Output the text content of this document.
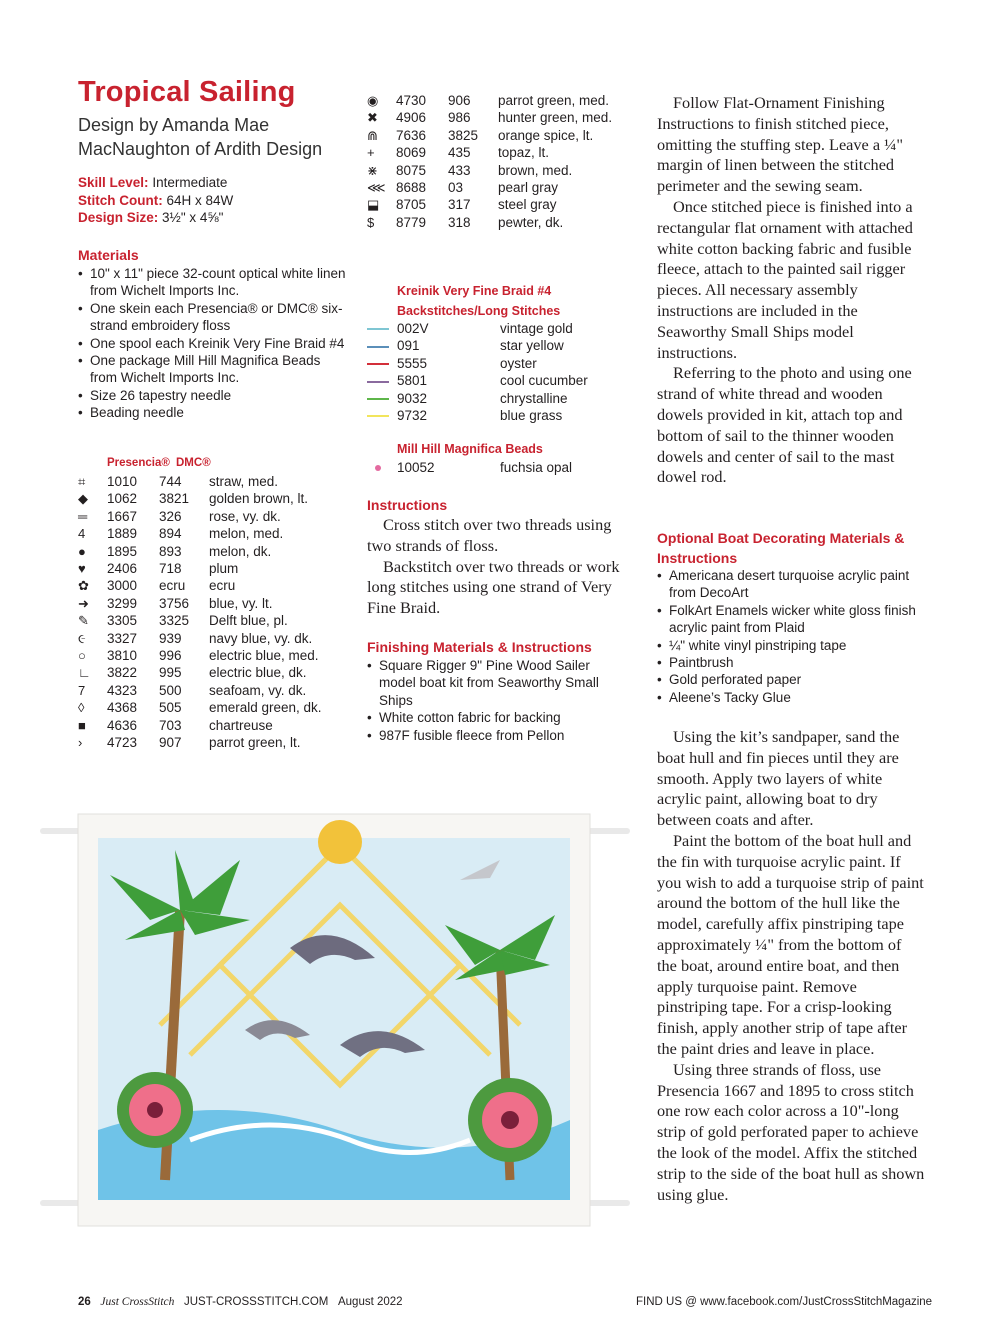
Tropical Sailing
Design by Amanda Mae MacNaughton of Ardith Design
Skill Level: Intermediate
Stitch Count: 64H x 84W
Design Size: 3½" x 4⅝"
Materials
• 10" x 11" piece 32-count optical white linen from Wichelt Imports Inc.
• One skein each Presencia® or DMC® six-strand embroidery floss
• One spool each Kreinik Very Fine Braid #4
• One package Mill Hill Magnifica Beads from Wichelt Imports Inc.
• Size 26 tapestry needle
• Beading needle
Presencia® DMC®
⌗	1010	744	straw, med.
◆	1062	3821	golden brown, lt.
═	1667	326	rose, vy. dk.
4	1889	894	melon, med.
●	1895	893	melon, dk.
♥	2406	718	plum
✿	3000	ecru	ecru
➜	3299	3756	blue, vy. lt.
✎	3305	3325	Delft blue, pl.
૯	3327	939	navy blue, vy. dk.
○	3810	996	electric blue, med.
∟	3822	995	electric blue, dk.
7	4323	500	seafoam, vy. dk.
◊	4368	505	emerald green, dk.
■	4636	703	chartreuse
›	4723	907	parrot green, lt.
◉	4730	906	parrot green, med.
✖	4906	986	hunter green, med.
⋒	7636	3825	orange spice, lt.
+	8069	435	topaz, lt.
⋇	8075	433	brown, med.
⋘	8688	03	pearl gray
⬓	8705	317	steel gray
$	8779	318	pewter, dk.
Kreinik Very Fine Braid #4
Backstitches/Long Stitches
	002V	vintage gold
	091	star yellow
	5555	oyster
	5801	cool cucumber
	9032	chrystalline
	9732	blue grass
Mill Hill Magnifica Beads
	10052	fuchsia opal
Instructions

Cross stitch over two threads using two strands of floss.

Backstitch over two threads or work long stitches using one strand of Very Fine Braid.

Finishing Materials & Instructions
• Square Rigger 9" Pine Wood Sailer model boat kit from Seaworthy Small Ships
• White cotton fabric for backing
• 987F fusible fleece from Pellon

Follow Flat-Ornament Finishing Instructions to finish stitched piece, omitting the stuffing step. Leave a ¼" margin of linen between the stitched perimeter and the sewing seam.

Once stitched piece is finished into a rectangular flat ornament with attached white cotton backing fabric and fusible fleece, attach to the painted sail rigger pieces. All necessary assembly instructions are included in the Seaworthy Small Ships model instructions.

Referring to the photo and using one strand of white thread and wooden dowels provided in kit, attach top and bottom of sail to the thinner wooden dowels and center of sail to the mast dowel rod.

Optional Boat Decorating Materials & Instructions
• Americana desert turquoise acrylic paint from DecoArt
• FolkArt Enamels wicker white gloss finish acrylic paint from Plaid
• ¼" white vinyl pinstriping tape
• Paintbrush
• Gold perforated paper
• Aleene’s Tacky Glue

Using the kit’s sandpaper, sand the boat hull and fin pieces until they are smooth. Apply two layers of white acrylic paint, allowing boat to dry between coats and after.

Paint the bottom of the boat hull and the fin with turquoise acrylic paint. If you wish to add a turquoise strip of paint around the bottom of the hull like the model, carefully affix pinstriping tape approximately ¼" from the bottom of the boat, around entire boat, and then apply turquoise paint. Remove pinstriping tape. For a crisp-looking finish, apply another strip of tape after the paint dries and leave in place.

Using three strands of floss, use Presencia 1667 and 1895 to cross stitch one row each color across a 10"-long strip of gold perforated paper to achieve the look of the model. Affix the stitched strip to the side of the boat hull as shown using glue.

26 Just CrossStitch JUST-CROSSSTITCH.COM August 2022	FIND US @ www.facebook.com/JustCrossStitchMagazine
